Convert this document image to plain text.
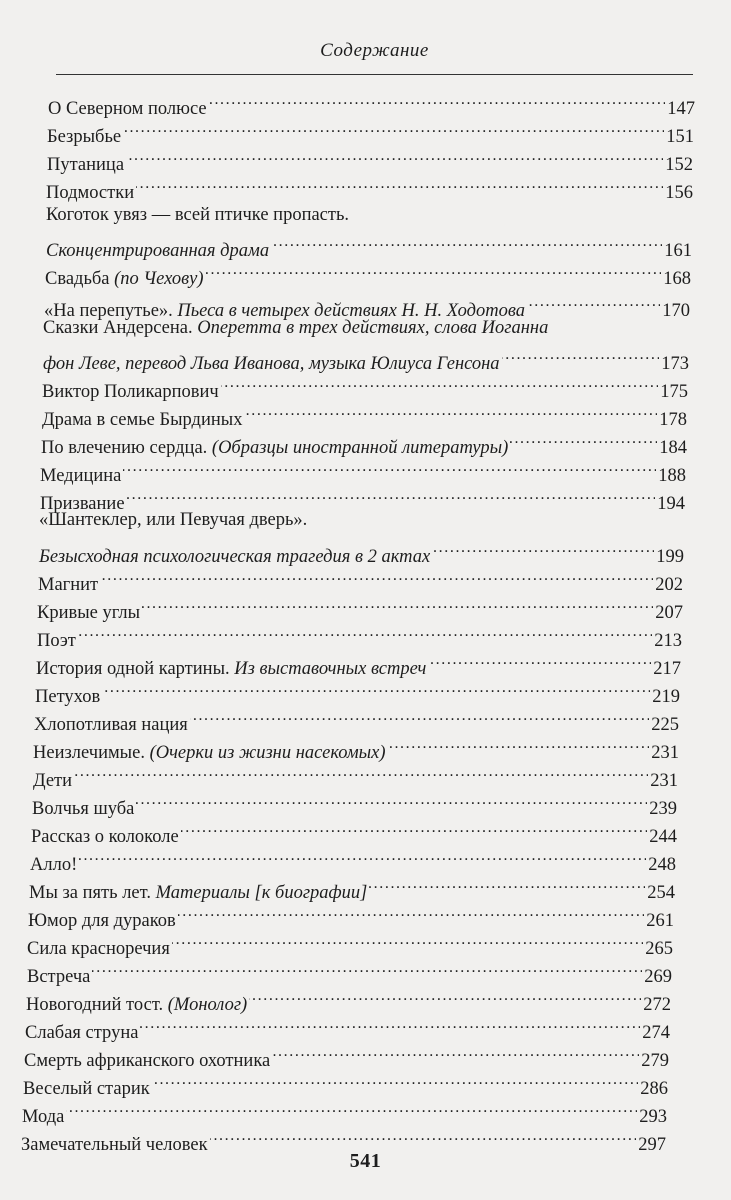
Содержание
О Северном полюсе . . .	147
Безрыбье . . .	151
Путаница . . .	152
Подмостки . . .	156
Коготок увяз — всей птичке пропасть.
Сконцентрированная драма . . .	161
Свадьба (по Чехову) . . .	168
«На перепутье». Пьеса в четырех действиях Н. Н. Ходотова . . .	170
Сказки Андерсена. Оперетта в трех действиях, слова Иоганна
фон Леве, перевод Льва Иванова, музыка Юлиуса Генсона . . .	173
Виктор Поликарпович . . .	175
Драма в семье Бырдиных . . .	178
По влечению сердца. (Образцы иностранной литературы) . . .	184
Медицина . . .	188
Призвание . . .	194
«Шантеклер, или Певучая дверь».
Безысходная психологическая трагедия в 2 актах . . .	199
Магнит . . .	202
Кривые углы . . .	207
Поэт . . .	213
История одной картины. Из выставочных встреч . . .	217
Петухов . . .	219
Хлопотливая нация . . .	225
Неизлечимые. (Очерки из жизни насекомых) . . .	231
Дети . . .	231
Волчья шуба . . .	239
Рассказ о колоколе . . .	244
Алло! . . .	248
Мы за пять лет. Материалы [к биографии] . . .	254
Юмор для дураков . . .	261
Сила красноречия . . .	265
Встреча . . .	269
Новогодний тост. (Монолог) . . .	272
Слабая струна . . .	274
Смерть африканского охотника . . .	279
Веселый старик . . .	286
Мода . . .	293
Замечательный человек . . .	297
541
